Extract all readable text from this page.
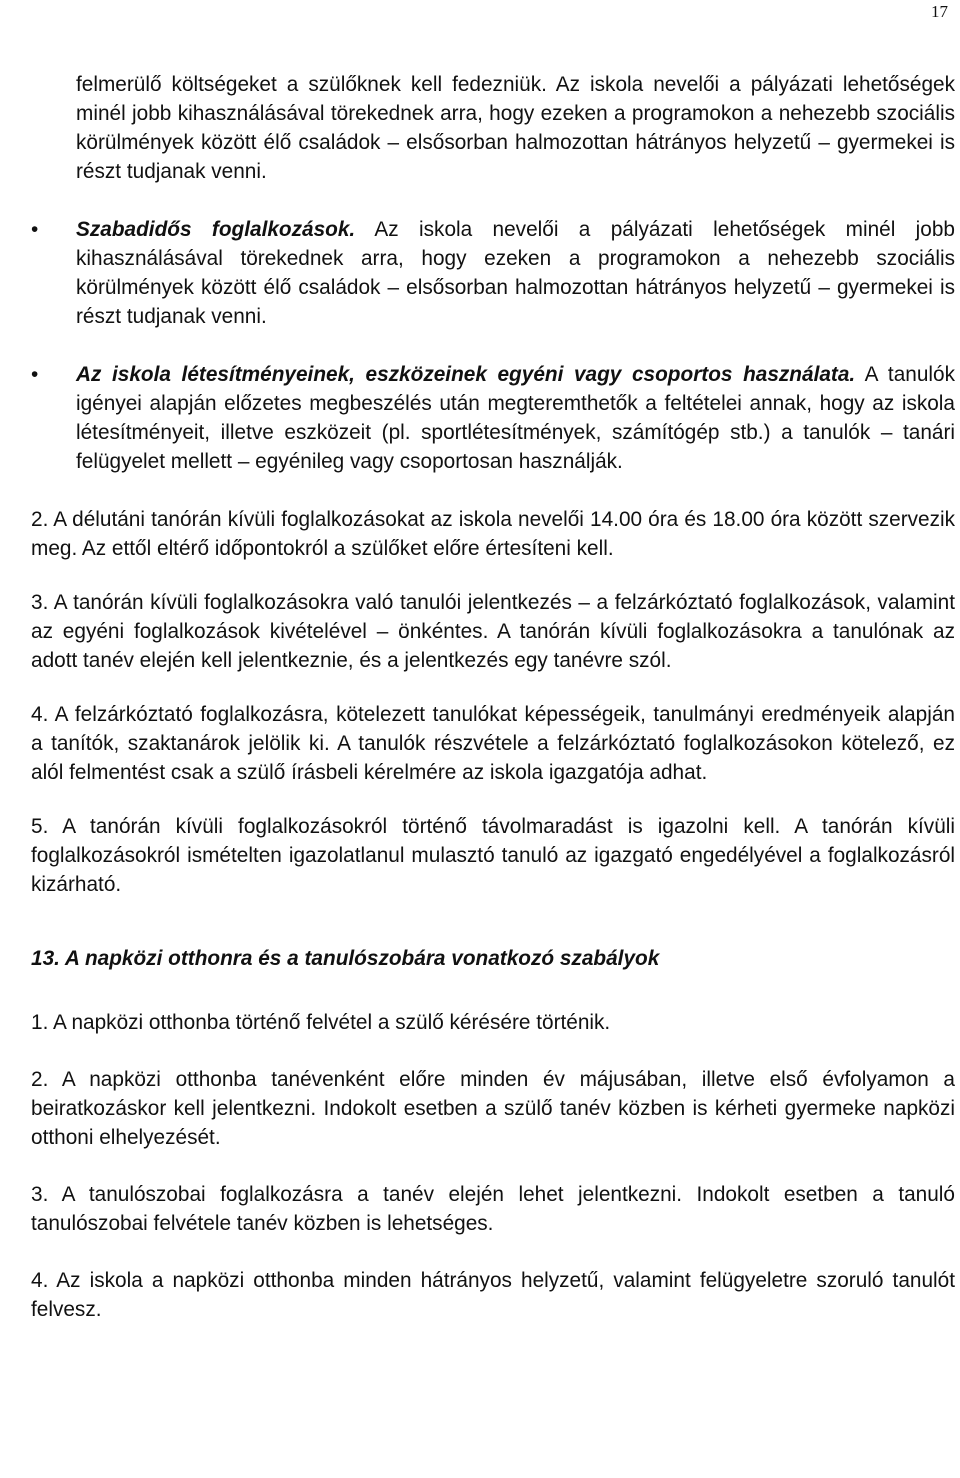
17

felmerülő költségeket a szülőknek kell fedezniük. Az iskola nevelői a pályázati lehetőségek minél jobb kihasználásával törekednek arra, hogy ezeken a programokon a nehezebb szociális körülmények között élő családok – elsősorban halmozottan hátrányos helyzetű – gyermekei is részt tudjanak venni.

•	Szabadidős foglalkozások. Az iskola nevelői a pályázati lehetőségek minél jobb kihasználásával törekednek arra, hogy ezeken a programokon a nehezebb szociális körülmények között élő családok – elsősorban halmozottan hátrányos helyzetű – gyermekei is részt tudjanak venni.
•	Az iskola létesítményeinek, eszközeinek egyéni vagy csoportos használata. A tanulók igényei alapján előzetes megbeszélés után megteremthetők a feltételei annak, hogy az iskola létesítményeit, illetve eszközeit (pl. sportlétesítmények, számítógép stb.) a tanulók – tanári felügyelet mellett – egyénileg vagy csoportosan használják.

2. A délutáni tanórán kívüli foglalkozásokat az iskola nevelői 14.00 óra és 18.00 óra között szervezik meg. Az ettől eltérő időpontokról a szülőket előre értesíteni kell.

3. A tanórán kívüli foglalkozásokra való tanulói jelentkezés – a felzárkóztató foglalkozások, valamint az egyéni foglalkozások kivételével – önkéntes. A tanórán kívüli foglalkozásokra a tanulónak az adott tanév elején kell jelentkeznie, és a jelentkezés egy tanévre szól.

4. A felzárkóztató foglalkozásra, kötelezett tanulókat képességeik, tanulmányi eredményeik alapján a tanítók, szaktanárok jelölik ki. A tanulók részvétele a felzárkóztató foglalkozásokon kötelező, ez alól felmentést csak a szülő írásbeli kérelmére az iskola igazgatója adhat.

5. A tanórán kívüli foglalkozásokról történő távolmaradást is igazolni kell. A tanórán kívüli foglalkozásokról ismételten igazolatlanul mulasztó tanuló az igazgató engedélyével a foglalkozásról kizárható.

13. A napközi otthonra és a tanulószobára vonatkozó szabályok

1. A napközi otthonba történő felvétel a szülő kérésére történik.

2. A napközi otthonba tanévenként előre minden év májusában, illetve első évfolyamon a beiratkozáskor kell jelentkezni. Indokolt esetben a szülő tanév közben is kérheti gyermeke napközi otthoni elhelyezését.

3. A tanulószobai foglalkozásra a tanév elején lehet jelentkezni. Indokolt esetben a tanuló tanulószobai felvétele tanév közben is lehetséges.

4. Az iskola a napközi otthonba minden hátrányos helyzetű, valamint felügyeletre szoruló tanulót felvesz.
